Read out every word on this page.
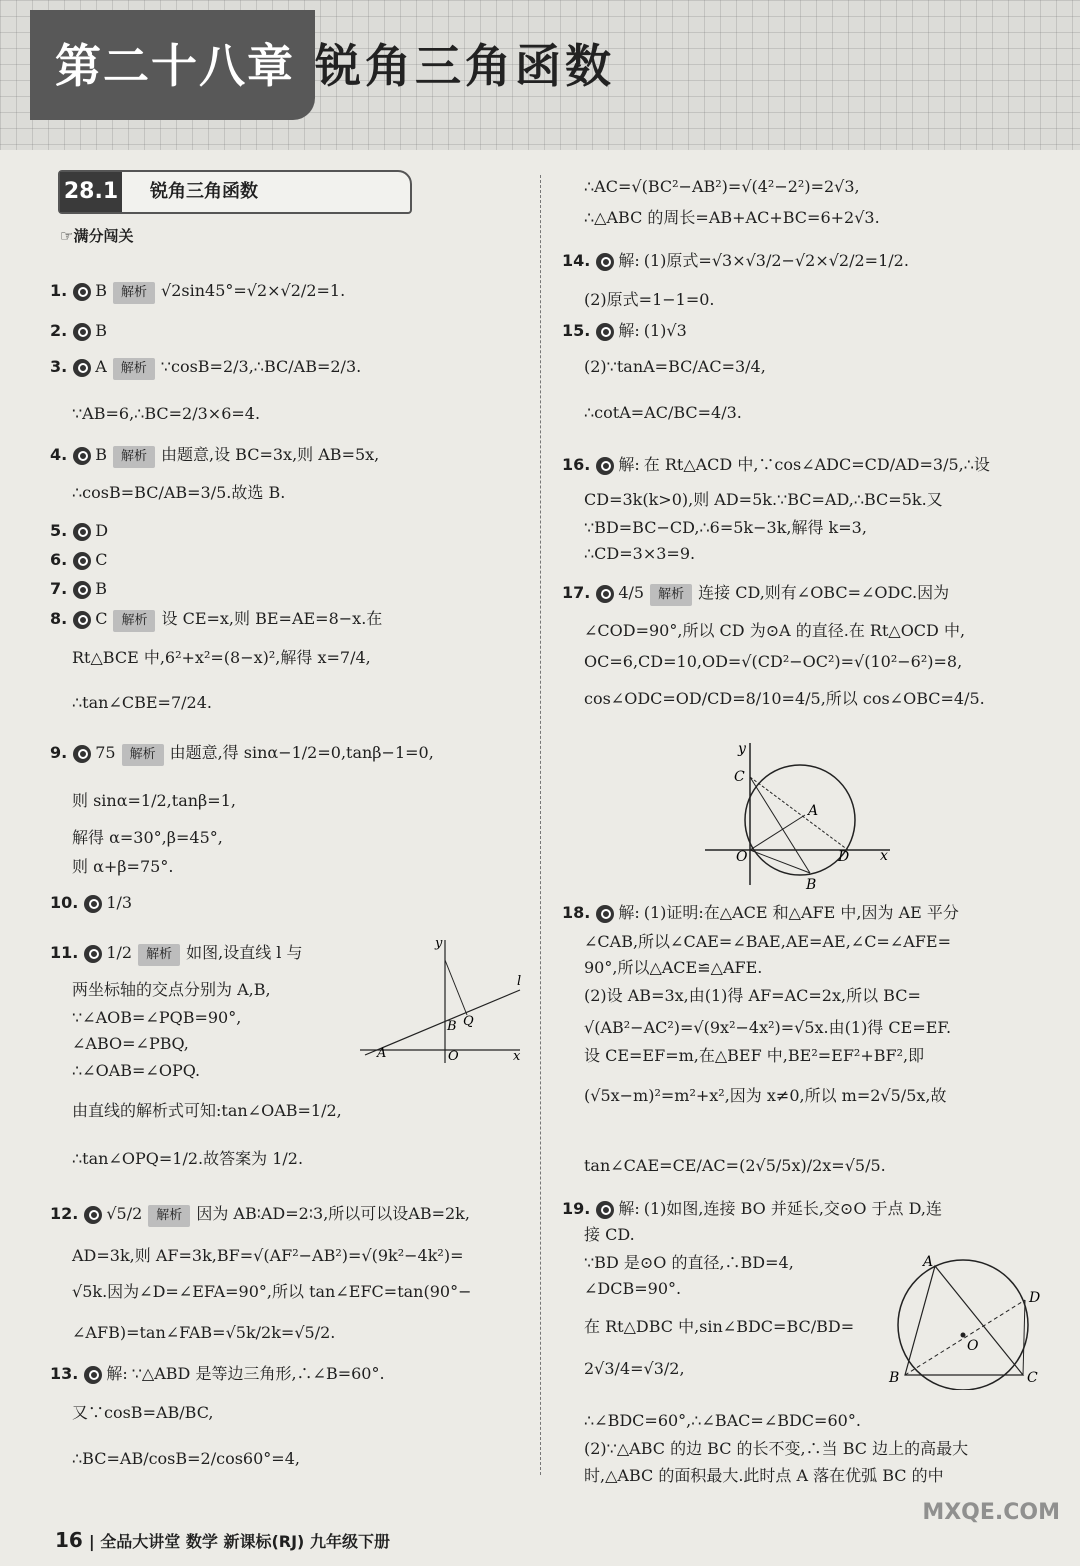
第二十八章 锐角三角函数
28.1 锐角三角函数
☞满分闯关
1. B 解析 √2sin45°=√2×√2/2=1.
2. B
3. A 解析 ∵cosB=2/3,∴BC/AB=2/3.
∵AB=6,∴BC=2/3×6=4.
4. B 解析 由题意,设 BC=3x,则 AB=5x,
∴cosB=BC/AB=3/5.故选 B.
5. D
6. C
7. B
8. C 解析 设 CE=x,则 BE=AE=8−x.在
Rt△BCE 中,6²+x²=(8−x)²,解得 x=7/4,
∴tan∠CBE=7/24.
9. 75 解析 由题意,得 sinα−1/2=0,tanβ−1=0,
则 sinα=1/2,tanβ=1,
解得 α=30°,β=45°,
则 α+β=75°.
10. 1/3
11. 1/2 解析 如图,设直线 l 与
两坐标轴的交点分别为 A,B,
∵∠AOB=∠PQB=90°,
∠ABO=∠PBQ,
∴∠OAB=∠OPQ.
由直线的解析式可知:tan∠OAB=1/2,
∴tan∠OPQ=1/2.故答案为 1/2.
12. √5/2 解析 因为 AB∶AD=2∶3,所以可以设AB=2k,
AD=3k,则 AF=3k,BF=√(AF²−AB²)=√(9k²−4k²)=
√5k.因为∠D=∠EFA=90°,所以 tan∠EFC=tan(90°−
∠AFB)=tan∠FAB=√5k/2k=√5/2.
13. 解: ∵△ABD 是等边三角形,∴∠B=60°.
又∵cosB=AB/BC,
∴BC=AB/cosB=2/cos60°=4,
∴AC=√(BC²−AB²)=√(4²−2²)=2√3,
∴△ABC 的周长=AB+AC+BC=6+2√3.
14. 解: (1)原式=√3×√3/2−√2×√2/2=1/2.
(2)原式=1−1=0.
15. 解: (1)√3
(2)∵tanA=BC/AC=3/4,
∴cotA=AC/BC=4/3.
16. 解: 在 Rt△ACD 中,∵cos∠ADC=CD/AD=3/5,∴设
CD=3k(k>0),则 AD=5k.∵BC=AD,∴BC=5k.又
∵BD=BC−CD,∴6=5k−3k,解得 k=3,
∴CD=3×3=9.
17. 4/5 解析 连接 CD,则有∠OBC=∠ODC.因为
∠COD=90°,所以 CD 为⊙A 的直径.在 Rt△OCD 中,
OC=6,CD=10,OD=√(CD²−OC²)=√(10²−6²)=8,
cos∠ODC=OD/CD=8/10=4/5,所以 cos∠OBC=4/5.
18. 解: (1)证明:在△ACE 和△AFE 中,因为 AE 平分
∠CAB,所以∠CAE=∠BAE,AE=AE,∠C=∠AFE=
90°,所以△ACE≌△AFE.
(2)设 AB=3x,由(1)得 AF=AC=2x,所以 BC=
√(AB²−AC²)=√(9x²−4x²)=√5x.由(1)得 CE=EF.
设 CE=EF=m,在△BEF 中,BE²=EF²+BF²,即
(√5x−m)²=m²+x²,因为 x≠0,所以 m=2√5/5x,故
tan∠CAE=CE/AC=(2√5/5x)/2x=√5/5.
19. 解: (1)如图,连接 BO 并延长,交⊙O 于点 D,连
接 CD.
∵BD 是⊙O 的直径,∴BD=4,
∠DCB=90°.
在 Rt△DBC 中,sin∠BDC=BC/BD=
2√3/4=√3/2,
∴∠BDC=60°,∴∠BAC=∠BDC=60°.
(2)∵△ABC 的边 BC 的长不变,∴当 BC 边上的高最大
时,△ABC 的面积最大.此时点 A 落在优弧 BC 的中
y
x
C
A
O	D
B
l
B Q
A	O	x
y
A
D
O
B	C
16 | 全品大讲堂 数学 新课标(RJ) 九年级下册
MXQE.COM
